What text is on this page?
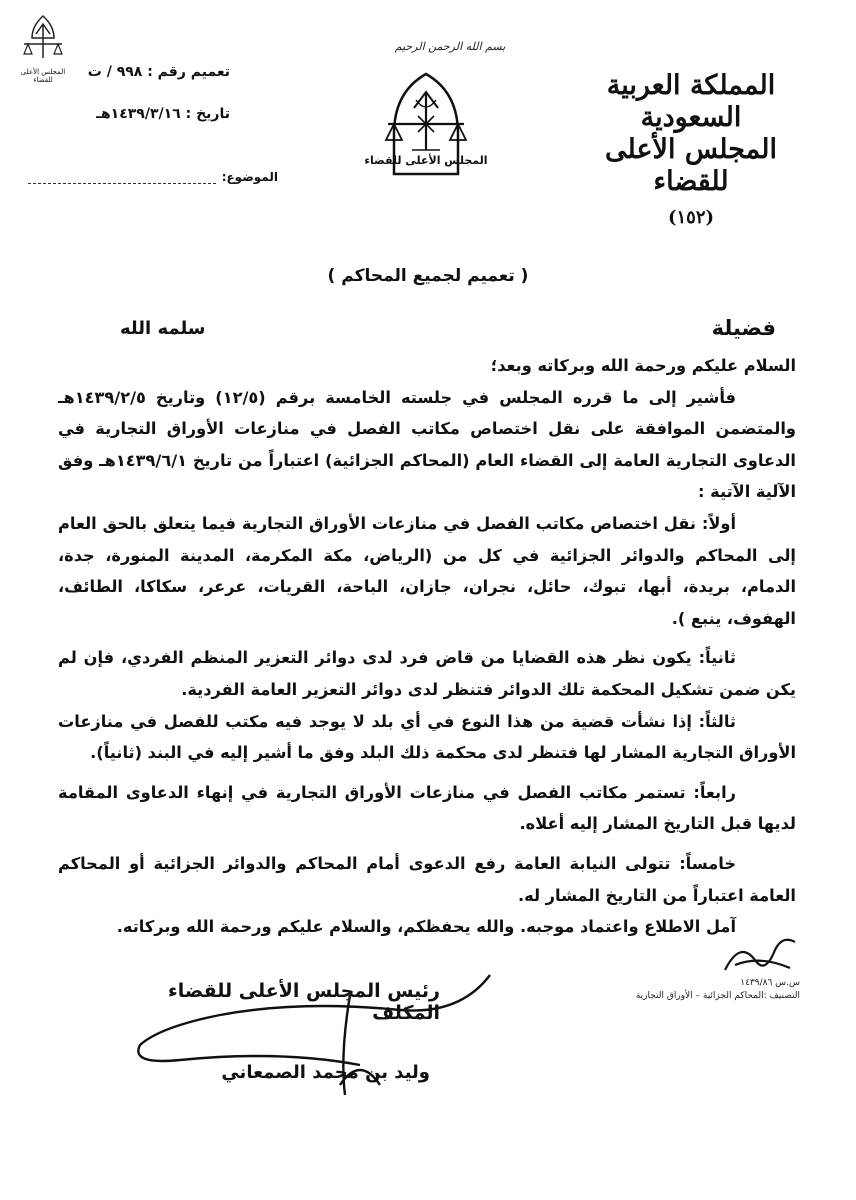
المجلس الأعلى للقضاء
بسم الله الرحمن الرحيم
المجلس الأعلى للقضاء
المملكة العربية السعودية
المجلس الأعلى للقضاء
(١٥٢)
تعميم رقم : ٩٩٨ / ت
تاريخ : ١٤٣٩/٣/١٦هـ
الموضوع:
( تعميم لجميع المحاكم )
فضيلة
سلمه الله

السلام عليكم ورحمة الله وبركاته وبعد؛

فأشير إلى ما قرره المجلس في جلسته الخامسة برقم (١٢/٥) وتاريخ ١٤٣٩/٢/٥هـ والمتضمن الموافقة على نقل اختصاص مكاتب الفصل في منازعات الأوراق التجارية في الدعاوى التجارية العامة إلى القضاء العام (المحاكم الجزائية) اعتباراً من تاريخ ١٤٣٩/٦/١هـ وفق الآلية الآتية :

أولاً: نقل اختصاص مكاتب الفصل في منازعات الأوراق التجارية فيما يتعلق بالحق العام إلى المحاكم والدوائر الجزائية في كل من (الرياض، مكة المكرمة، المدينة المنورة، جدة، الدمام، بريدة، أبها، تبوك، حائل، نجران، جازان، الباحة، القريات، عرعر، سكاكا، الطائف، الهفوف، ينبع ).

ثانياً: يكون نظر هذه القضايا من قاض فرد لدى دوائر التعزير المنظم الفردي، فإن لم يكن ضمن تشكيل المحكمة تلك الدوائر فتنظر لدى دوائر التعزير العامة الفردية.

ثالثاً: إذا نشأت قضية من هذا النوع في أي بلد لا يوجد فيه مكتب للفصل في منازعات الأوراق التجارية المشار لها فتنظر لدى محكمة ذلك البلد وفق ما أشير إليه في البند (ثانياً).

رابعاً: تستمر مكاتب الفصل في منازعات الأوراق التجارية في إنهاء الدعاوى المقامة لديها قبل التاريخ المشار إليه أعلاه.

خامساً: تتولى النيابة العامة رفع الدعوى أمام المحاكم والدوائر الجزائية أو المحاكم العامة اعتباراً من التاريخ المشار له.

آمل الاطلاع واعتماد موجبه. والله يحفظكم، والسلام عليكم ورحمة الله وبركاته.

س.س ١٤٣٩/٨٦
التصنيف :المحاكم الجزائية – الأوراق التجارية
رئيس المجلس الأعلى للقضاء المكلف
وليد بن محمد الصمعاني
